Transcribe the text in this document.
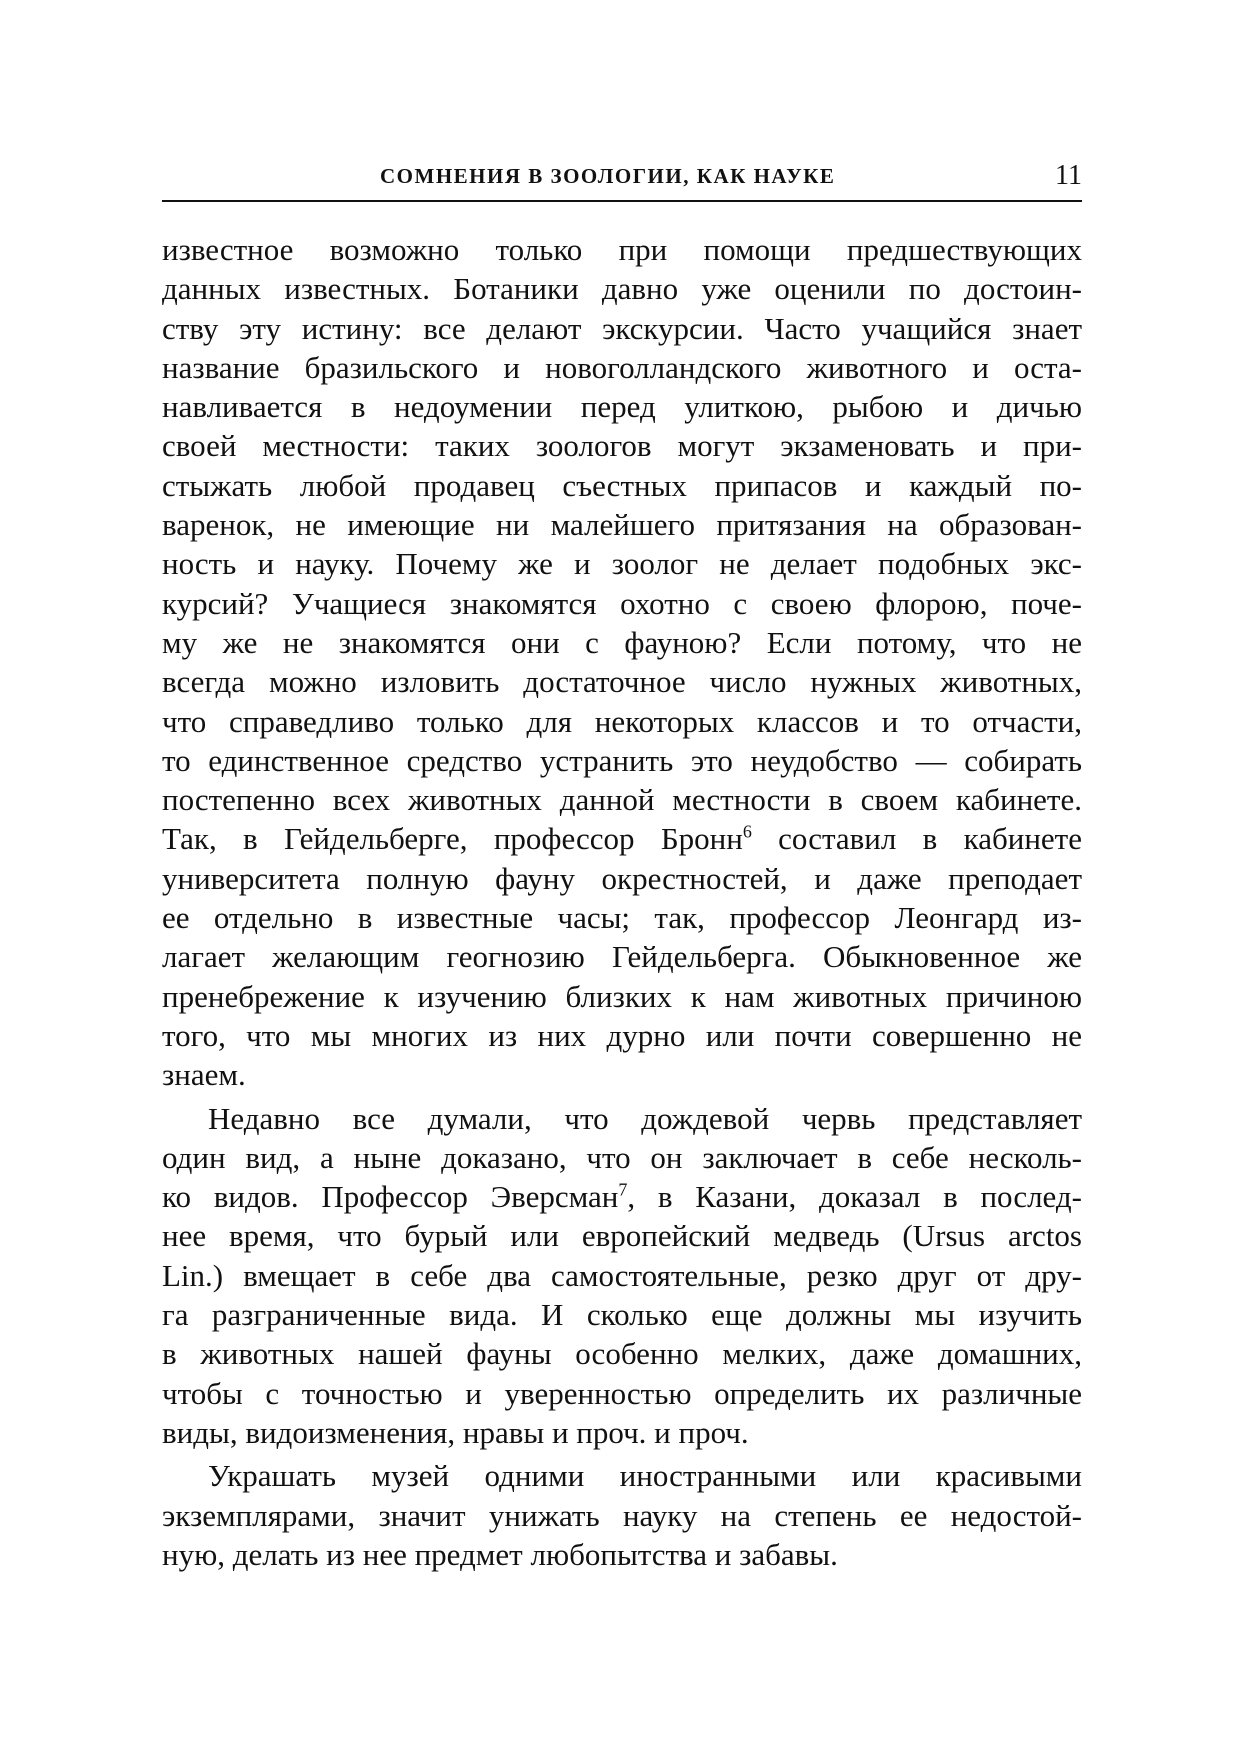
СОМНЕНИЯ В ЗООЛОГИИ, КАК НАУКЕ	11
известное возможно только при помощи предшествующих
данных известных. Ботаники давно уже оценили по достоин-
ству эту истину: все делают экскурсии. Часто учащийся знает
название бразильского и новоголландского животного и оста-
навливается в недоумении перед улиткою, рыбою и дичью
своей местности: таких зоологов могут экзаменовать и при-
стыжать любой продавец съестных припасов и каждый по-
варенок, не имеющие ни малейшего притязания на образован-
ность и науку. Почему же и зоолог не делает подобных экс-
курсий? Учащиеся знакомятся охотно с своею флорою, поче-
му же не знакомятся они с фауною? Если потому, что не
всегда можно изловить достаточное число нужных животных,
что справедливо только для некоторых классов и то отчасти,
то единственное средство устранить это неудобство — собирать
постепенно всех животных данной местности в своем кабинете.
Так, в Гейдельберге, профессор Бронн$^6$ составил в кабинете
университета полную фауну окрестностей, и даже преподает
ее отдельно в известные часы; так, профессор Леонгард из-
лагает желающим геогнозию Гейдельберга. Обыкновенное же
пренебрежение к изучению близких к нам животных причиною
того, что мы многих из них дурно или почти совершенно не
знаем.
Недавно все думали, что дождевой червь представляет
один вид, а ныне доказано, что он заключает в себе несколь-
ко видов. Профессор Эверсман$^7$, в Казани, доказал в послед-
нее время, что бурый или европейский медведь (Ursus arctos
Lin.) вмещает в себе два самостоятельные, резко друг от дру-
га разграниченные вида. И сколько еще должны мы изучить
в животных нашей фауны особенно мелких, даже домашних,
чтобы с точностью и уверенностью определить их различные
виды, видоизменения, нравы и проч. и проч.
Украшать музей одними иностранными или красивыми
экземплярами, значит унижать науку на степень ее недостой-
ную, делать из нее предмет любопытства и забавы.
